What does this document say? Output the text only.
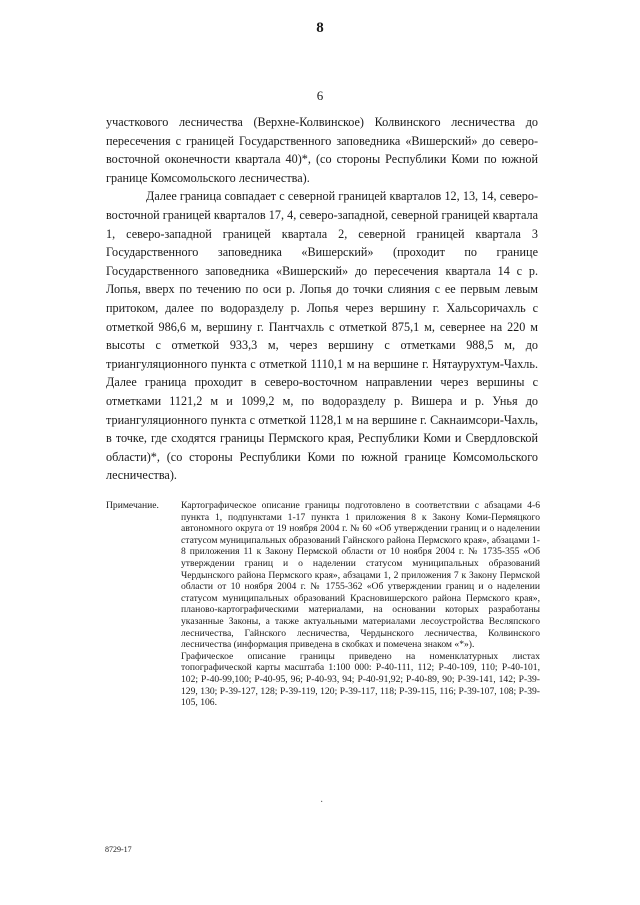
8
6

участкового лесничества (Верхне-Колвинское) Колвинского лесничества до пересечения с границей Государственного заповедника «Вишерский» до северо-восточной оконечности квартала 40)*, (со стороны Республики Коми по южной границе Комсомольского лесничества).

Далее граница совпадает с северной границей кварталов 12, 13, 14, северо-восточной границей кварталов 17, 4, северо-западной, северной границей квартала 1, северо-западной границей квартала 2, северной границей квартала 3 Государственного заповедника «Вишерский» (проходит по границе Государственного заповедника «Вишерский» до пересечения квартала 14 с р. Лопья, вверх по течению по оси р. Лопья до точки слияния с ее первым левым притоком, далее по водоразделу р. Лопья через вершину г. Хальсоричахль с отметкой 986,6 м, вершину г. Пантчахль с отметкой 875,1 м, севернее на 220 м высоты с отметкой 933,3 м, через вершину с отметками 988,5 м, до триангуляционного пункта с отметкой 1110,1 м на вершине г. Нятаурухтум-Чахль. Далее граница проходит в северо-восточном направлении через вершины с отметками 1121,2 м и 1099,2 м, по водоразделу р. Вишера и р. Унья до триангуляционного пункта с отметкой 1128,1 м на вершине г. Сакнаимсори-Чахль, в точке, где сходятся границы Пермского края, Республики Коми и Свердловской области)*, (со стороны Республики Коми по южной границе Комсомольского лесничества).

Примечание.	Картографическое описание границы подготовлено в соответствии с абзацами 4-6 пункта 1, подпунктами 1-17 пункта 1 приложения 8 к Закону Коми-Пермяцкого автономного округа от 19 ноября 2004 г. № 60 «Об утверждении границ и о наделении статусом муниципальных образований Гайнского района Пермского края», абзацами 1-8 приложения 11 к Закону Пермской области от 10 ноября 2004 г. № 1735-355 «Об утверждении границ и о наделении статусом муниципальных образований Чердынского района Пермского края», абзацами 1, 2 приложения 7 к Закону Пермской области от 10 ноября 2004 г. № 1755-362 «Об утверждении границ и о наделении статусом муниципальных образований Красновишерского района Пермского края», планово-картографическими материалами, на основании которых разработаны указанные Законы, а также актуальными материалами лесоустройства Весляпского лесничества, Гайнского лесничества, Чердынского лесничества, Колвинского лесничества (информация приведена в скобках и помечена знаком «*»).

Графическое описание границы приведено на номенклатурных листах топографической карты масштаба 1:100 000: Р-40-111, 112; Р-40-109, 110; Р-40-101, 102; Р-40-99,100; Р-40-95, 96; Р-40-93, 94; Р-40-91,92; Р-40-89, 90; Р-39-141, 142; Р-39-129, 130; Р-39-127, 128; Р-39-119, 120; Р-39-117, 118; Р-39-115, 116; Р-39-107, 108; Р-39-105, 106.

·
8729-17
